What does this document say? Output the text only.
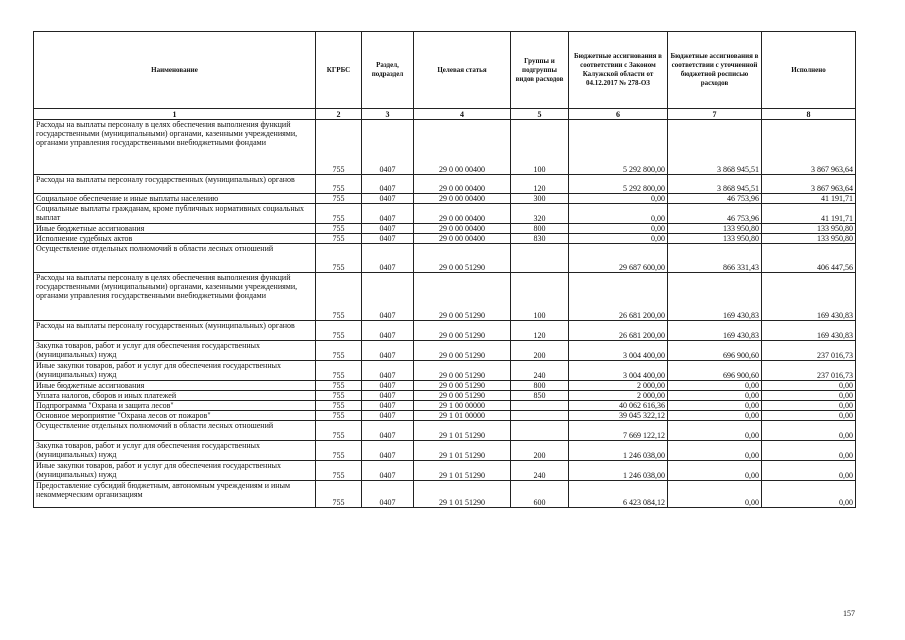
Наименование	КГРБС	Раздел, подраздел	Целевая статья	Группы и подгруппы видов расходов	Бюджетные ассигнования в соответствии с Законом Калужской области от 04.12.2017 № 278-ОЗ	Бюджетные ассигнования в соответствии с уточненной бюджетной росписью расходов	Исполнено
1	2	3	4	5	6	7	8
Расходы на выплаты персоналу в целях обеспечения выполнения функций государственными (муниципальными) органами, казенными учреждениями, органами управления государственными внебюджетными фондами	755	0407	29 0 00 00400	100	5 292 800,00	3 868 945,51	3 867 963,64
Расходы на выплаты персоналу государственных (муниципальных) органов	755	0407	29 0 00 00400	120	5 292 800,00	3 868 945,51	3 867 963,64
Социальное обеспечение и иные выплаты населению	755	0407	29 0 00 00400	300	0,00	46 753,96	41 191,71
Социальные выплаты гражданам, кроме публичных нормативных социальных выплат	755	0407	29 0 00 00400	320	0,00	46 753,96	41 191,71
Иные бюджетные ассигнования	755	0407	29 0 00 00400	800	0,00	133 950,80	133 950,80
Исполнение судебных актов	755	0407	29 0 00 00400	830	0,00	133 950,80	133 950,80
Осуществление отдельных полномочий в области лесных отношений	755	0407	29 0 00 51290		29 687 600,00	866 331,43	406 447,56
Расходы на выплаты персоналу в целях обеспечения выполнения функций государственными (муниципальными) органами, казенными учреждениями, органами управления государственными внебюджетными фондами	755	0407	29 0 00 51290	100	26 681 200,00	169 430,83	169 430,83
Расходы на выплаты персоналу государственных (муниципальных) органов	755	0407	29 0 00 51290	120	26 681 200,00	169 430,83	169 430,83
Закупка товаров, работ и услуг для обеспечения государственных (муниципальных) нужд	755	0407	29 0 00 51290	200	3 004 400,00	696 900,60	237 016,73
Иные закупки товаров, работ и услуг для обеспечения государственных (муниципальных) нужд	755	0407	29 0 00 51290	240	3 004 400,00	696 900,60	237 016,73
Иные бюджетные ассигнования	755	0407	29 0 00 51290	800	2 000,00	0,00	0,00
Уплата налогов, сборов и иных платежей	755	0407	29 0 00 51290	850	2 000,00	0,00	0,00
Подпрограмма "Охрана и защита лесов"	755	0407	29 1 00 00000		40 062 616,36	0,00	0,00
Основное мероприятие "Охрана лесов от пожаров"	755	0407	29 1 01 00000		39 045 322,12	0,00	0,00
Осуществление отдельных полномочий в области лесных отношений	755	0407	29 1 01 51290		7 669 122,12	0,00	0,00
Закупка товаров, работ и услуг для обеспечения государственных (муниципальных) нужд	755	0407	29 1 01 51290	200	1 246 038,00	0,00	0,00
Иные закупки товаров, работ и услуг для обеспечения государственных (муниципальных) нужд	755	0407	29 1 01 51290	240	1 246 038,00	0,00	0,00
Предоставление субсидий бюджетным, автономным учреждениям и иным некоммерческим организациям	755	0407	29 1 01 51290	600	6 423 084,12	0,00	0,00
157
